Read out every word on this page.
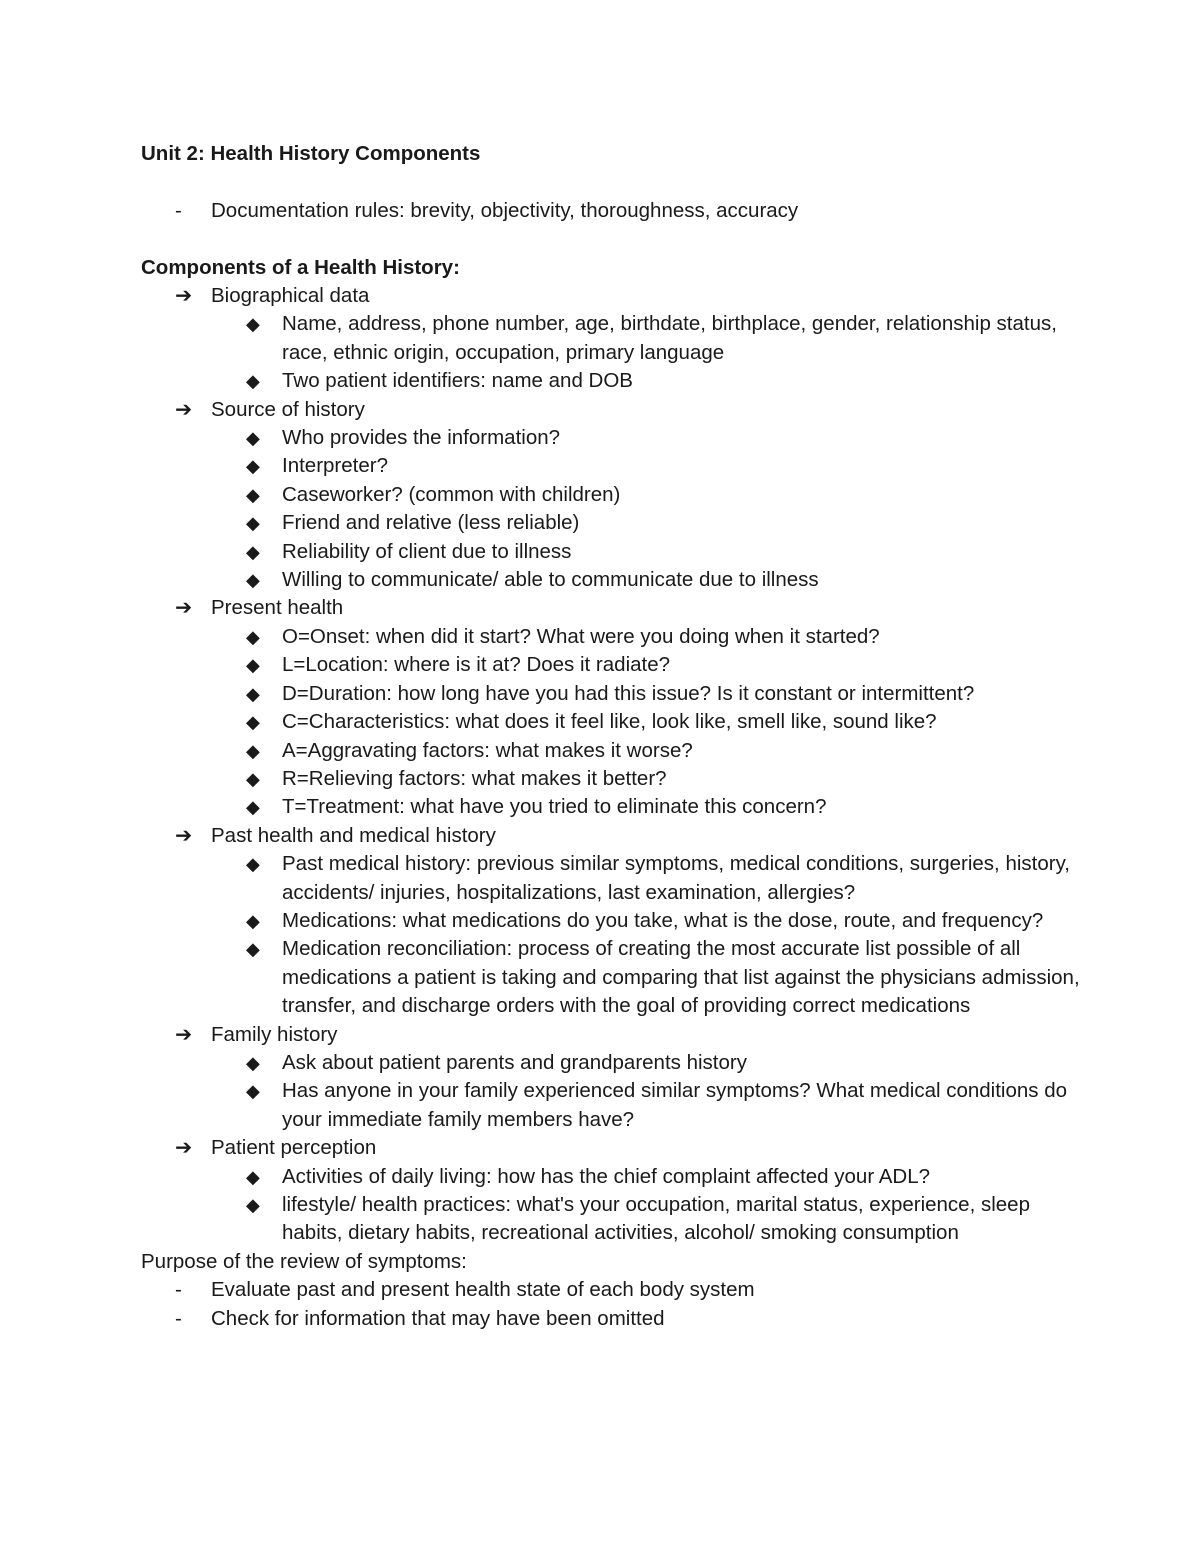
Unit 2: Health History Components
-	Documentation rules: brevity, objectivity, thoroughness, accuracy
Components of a Health History:
➔ Biographical data
◆	Name, address, phone number, age, birthdate, birthplace, gender, relationship status, race, ethnic origin, occupation, primary language
◆	Two patient identifiers: name and DOB
➔ Source of history
◆	Who provides the information?
◆	Interpreter?
◆	Caseworker? (common with children)
◆	Friend and relative (less reliable)
◆	Reliability of client due to illness
◆	Willing to communicate/ able to communicate due to illness
➔ Present health
◆	O=Onset: when did it start? What were you doing when it started?
◆	L=Location: where is it at? Does it radiate?
◆	D=Duration: how long have you had this issue? Is it constant or intermittent?
◆	C=Characteristics: what does it feel like, look like, smell like, sound like?
◆	A=Aggravating factors: what makes it worse?
◆	R=Relieving factors: what makes it better?
◆	T=Treatment: what have you tried to eliminate this concern?
➔ Past health and medical history
◆	Past medical history: previous similar symptoms, medical conditions, surgeries, history, accidents/ injuries, hospitalizations, last examination, allergies?
◆	Medications: what medications do you take, what is the dose, route, and frequency?
◆	Medication reconciliation: process of creating the most accurate list possible of all medications a patient is taking and comparing that list against the physicians admission, transfer, and discharge orders with the goal of providing correct medications
➔ Family history
◆	Ask about patient parents and grandparents history
◆	Has anyone in your family experienced similar symptoms? What medical conditions do your immediate family members have?
➔ Patient perception
◆	Activities of daily living: how has the chief complaint affected your ADL?
◆	lifestyle/ health practices: what's your occupation, marital status, experience, sleep habits, dietary habits, recreational activities, alcohol/ smoking consumption
Purpose of the review of symptoms:
-	Evaluate past and present health state of each body system
-	Check for information that may have been omitted
